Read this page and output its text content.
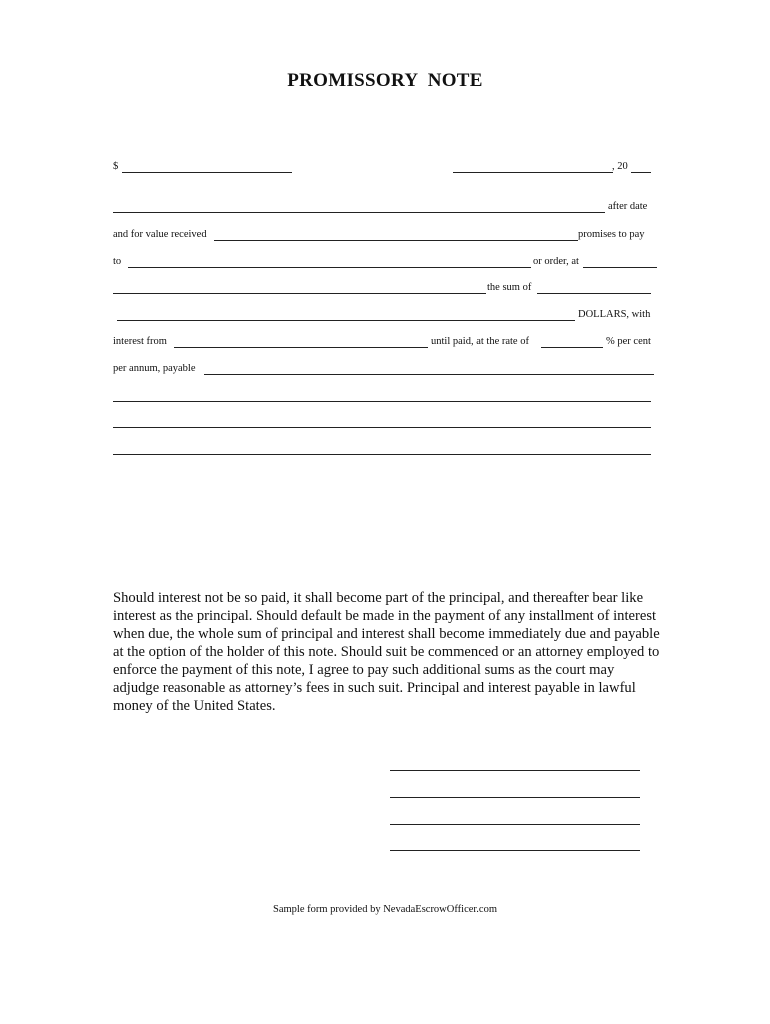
PROMISSORY NOTE
$	, 20
after date
and for value received	promises to pay
to	or order, at
the sum of
DOLLARS, with
interest from	until paid, at the rate of	% per cent
per annum, payable
Should interest not be so paid, it shall become part of the principal, and thereafter bear like interest as the principal. Should default be made in the payment of any installment of interest when due, the whole sum of principal and interest shall become immediately due and payable at the option of the holder of this note. Should suit be commenced or an attorney employed to enforce the payment of this note, I agree to pay such additional sums as the court may adjudge reasonable as attorney’s fees in such suit. Principal and interest payable in lawful money of the United States.
Sample form provided by NevadaEscrowOfficer.com
